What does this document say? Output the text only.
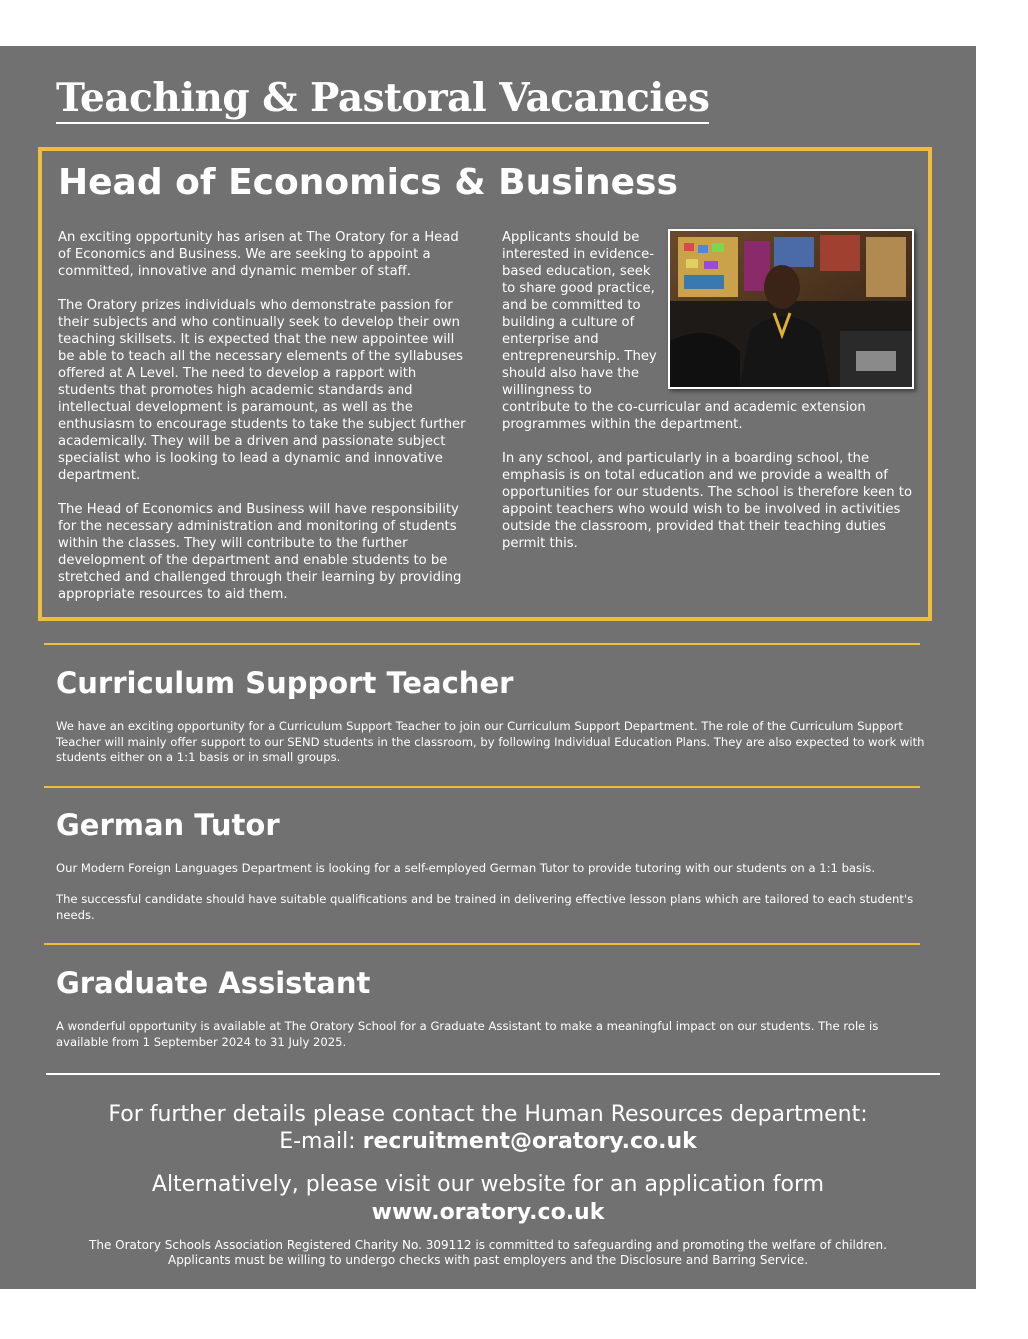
Teaching & Pastoral Vacancies
Head of Economics & Business

An exciting opportunity has arisen at The Oratory for a Head of Economics and Business. We are seeking to appoint a committed, innovative and dynamic member of staff.

The Oratory prizes individuals who demonstrate passion for their subjects and who continually seek to develop their own teaching skillsets. It is expected that the new appointee will be able to teach all the necessary elements of the syllabuses offered at A Level. The need to develop a rapport with students that promotes high academic standards and intellectual development is paramount, as well as the enthusiasm to encourage students to take the subject further academically. They will be a driven and passionate subject specialist who is looking to lead a dynamic and innovative department.

The Head of Economics and Business will have responsibility for the necessary administration and monitoring of students within the classes. They will contribute to the further development of the department and enable students to be stretched and challenged through their learning by providing appropriate resources to aid them.

Applicants should be interested in evidence-based education, seek to share good practice, and be committed to building a culture of enterprise and entrepreneurship. They should also have the willingness to contribute to the co-curricular and academic extension programmes within the department.

In any school, and particularly in a boarding school, the emphasis is on total education and we provide a wealth of opportunities for our students. The school is therefore keen to appoint teachers who would wish to be involved in activities outside the classroom, provided that their teaching duties permit this.

Curriculum Support Teacher

We have an exciting opportunity for a Curriculum Support Teacher to join our Curriculum Support Department. The role of the Curriculum Support Teacher will mainly offer support to our SEND students in the classroom, by following Individual Education Plans. They are also expected to work with students either on a 1:1 basis or in small groups.

German Tutor

Our Modern Foreign Languages Department is looking for a self-employed German Tutor to provide tutoring with our students on a 1:1 basis.

The successful candidate should have suitable qualifications and be trained in delivering effective lesson plans which are tailored to each student's needs.

Graduate Assistant

A wonderful opportunity is available at The Oratory School for a Graduate Assistant to make a meaningful impact on our students. The role is available from 1 September 2024 to 31 July 2025.

For further details please contact the Human Resources department:

E-mail: recruitment@oratory.co.uk

Alternatively, please visit our website for an application form

www.oratory.co.uk

The Oratory Schools Association Registered Charity No. 309112 is committed to safeguarding and promoting the welfare of children.

Applicants must be willing to undergo checks with past employers and the Disclosure and Barring Service.
